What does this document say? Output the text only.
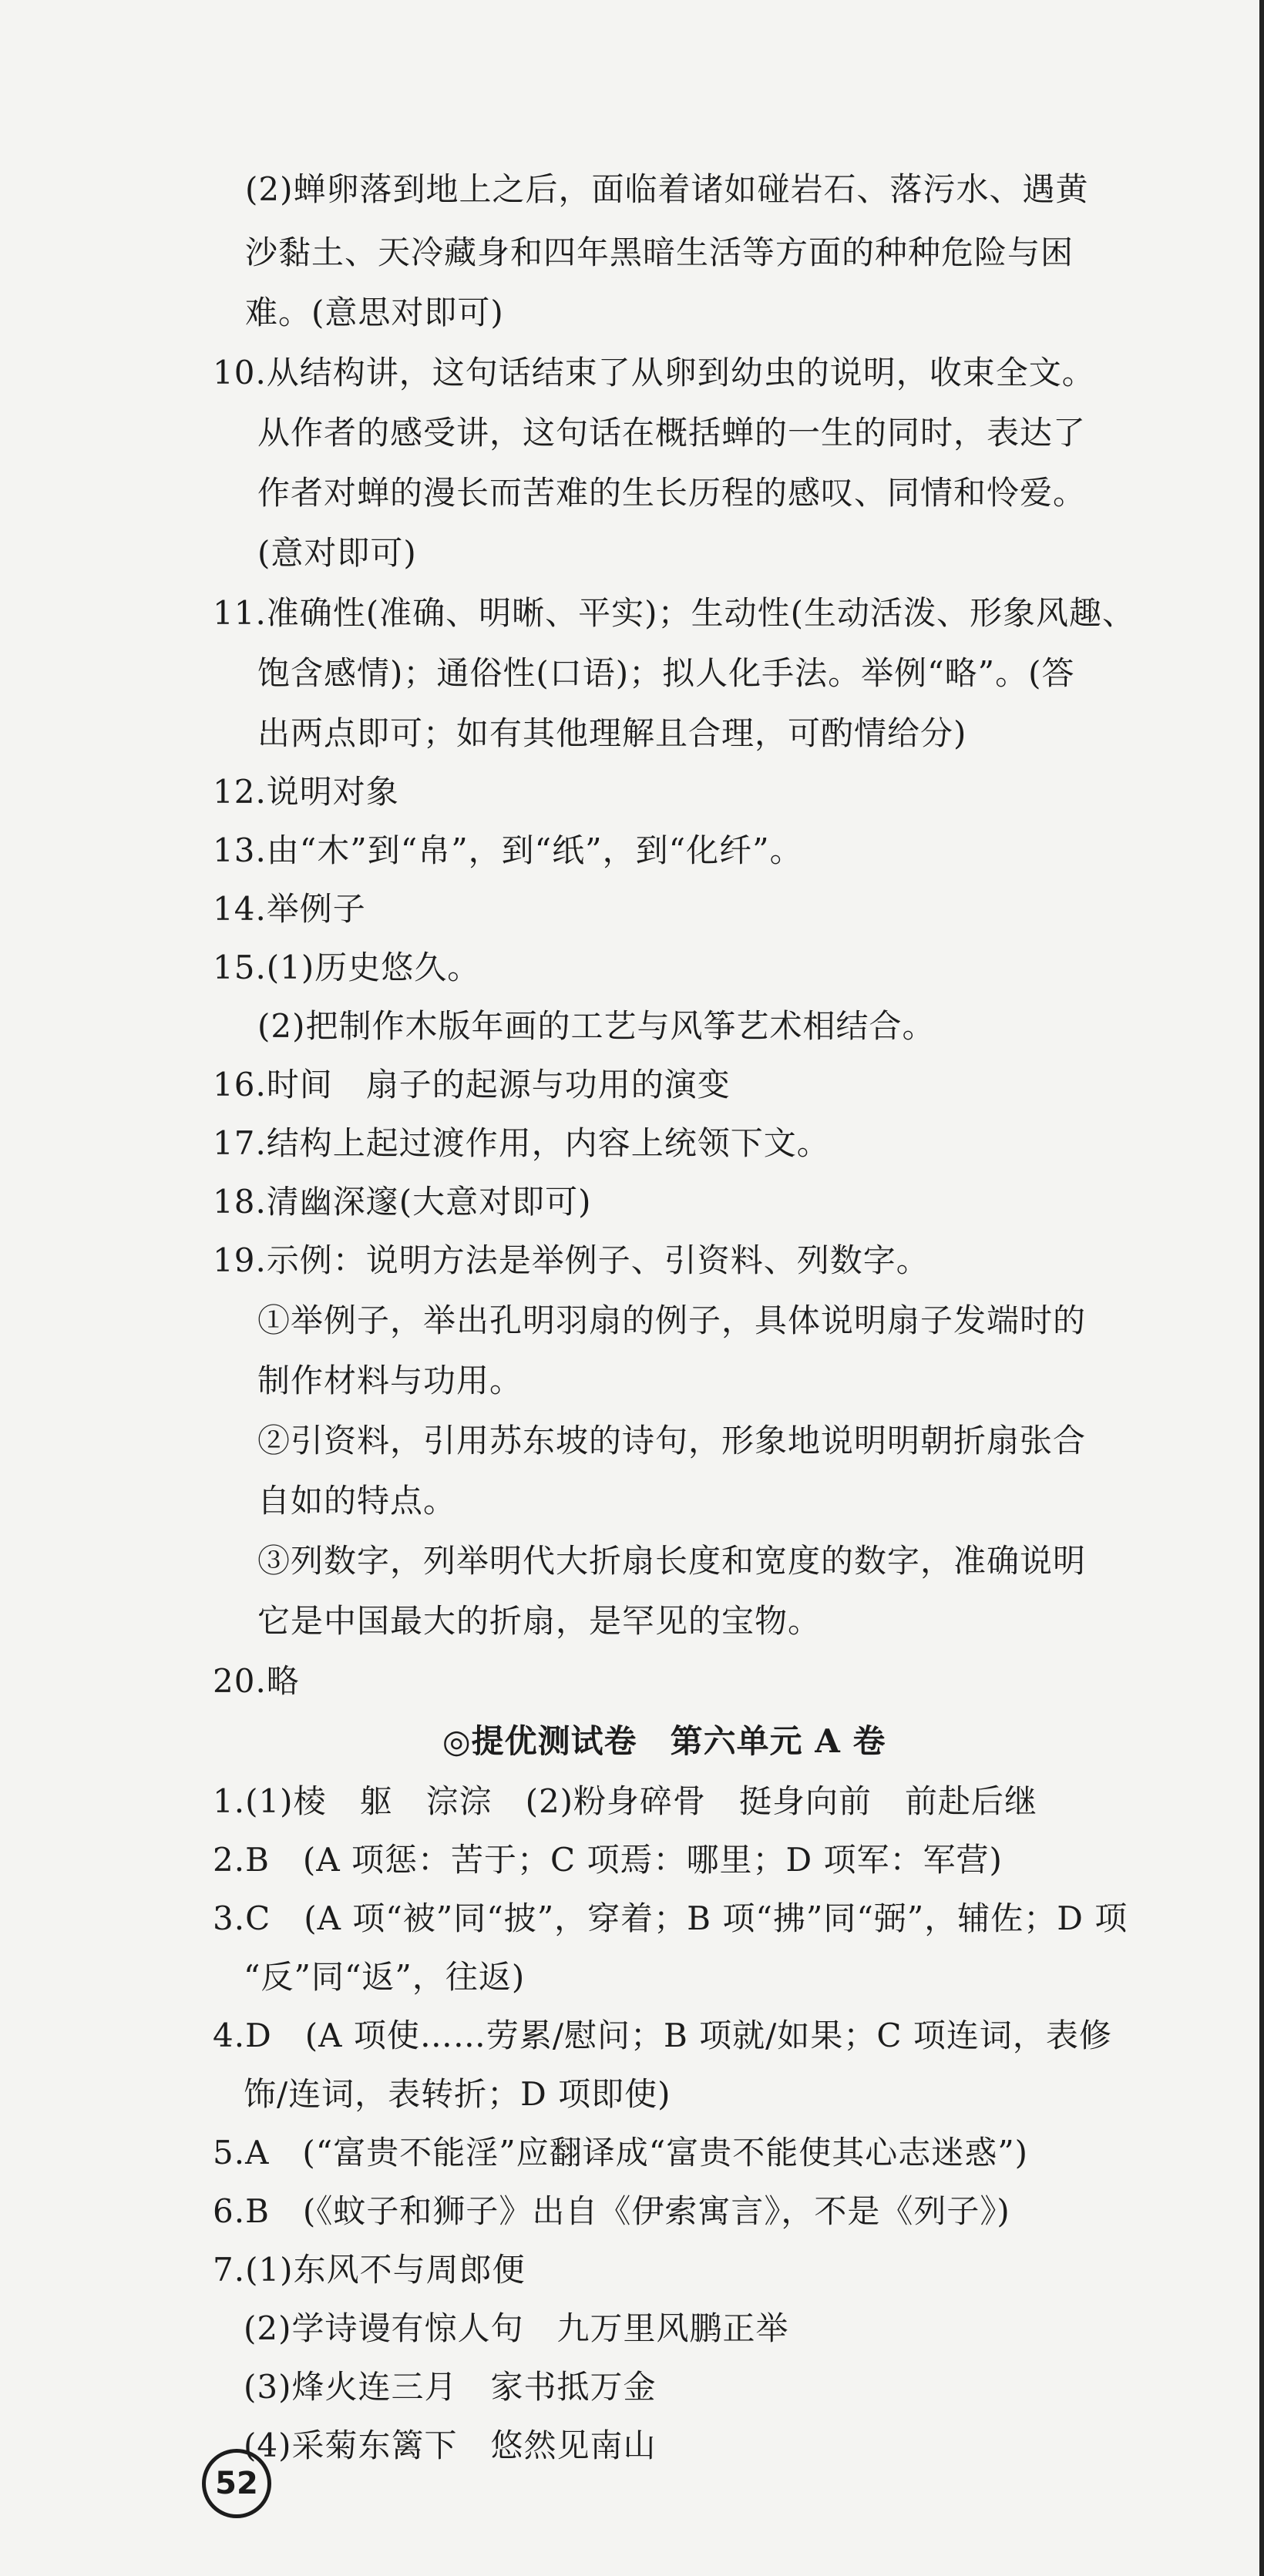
(2)蝉卵落到地上之后，面临着诸如碰岩石、落污水、遇黄
沙黏土、天冷藏身和四年黑暗生活等方面的种种危险与困
难。(意思对即可)
10.从结构讲，这句话结束了从卵到幼虫的说明，收束全文。
从作者的感受讲，这句话在概括蝉的一生的同时，表达了
作者对蝉的漫长而苦难的生长历程的感叹、同情和怜爱。
(意对即可)
11.准确性(准确、明晰、平实)；生动性(生动活泼、形象风趣、
饱含感情)；通俗性(口语)；拟人化手法。举例“略”。(答
出两点即可；如有其他理解且合理，可酌情给分)
12.说明对象
13.由“木”到“帛”，到“纸”，到“化纤”。
14.举例子
15.(1)历史悠久。
(2)把制作木版年画的工艺与风筝艺术相结合。
16.时间　扇子的起源与功用的演变
17.结构上起过渡作用，内容上统领下文。
18.清幽深邃(大意对即可)
19.示例：说明方法是举例子、引资料、列数字。
①举例子，举出孔明羽扇的例子，具体说明扇子发端时的
制作材料与功用。
②引资料，引用苏东坡的诗句，形象地说明明朝折扇张合
自如的特点。
③列数字，列举明代大折扇长度和宽度的数字，准确说明
它是中国最大的折扇，是罕见的宝物。
20.略
◎提优测试卷　第六单元 A 卷
1.(1)棱　躯　淙淙　(2)粉身碎骨　挺身向前　前赴后继
2.B　(A 项惩：苦于；C 项焉：哪里；D 项军：军营)
3.C　(A 项“被”同“披”，穿着；B 项“拂”同“弼”，辅佐；D 项
“反”同“返”，往返)
4.D　(A 项使……劳累/慰问；B 项就/如果；C 项连词，表修
饰/连词，表转折；D 项即使)
5.A　(“富贵不能淫”应翻译成“富贵不能使其心志迷惑”)
6.B　(《蚊子和狮子》出自《伊索寓言》，不是《列子》)
7.(1)东风不与周郎便
(2)学诗谩有惊人句　九万里风鹏正举
(3)烽火连三月　家书抵万金
(4)采菊东篱下　悠然见南山
52
